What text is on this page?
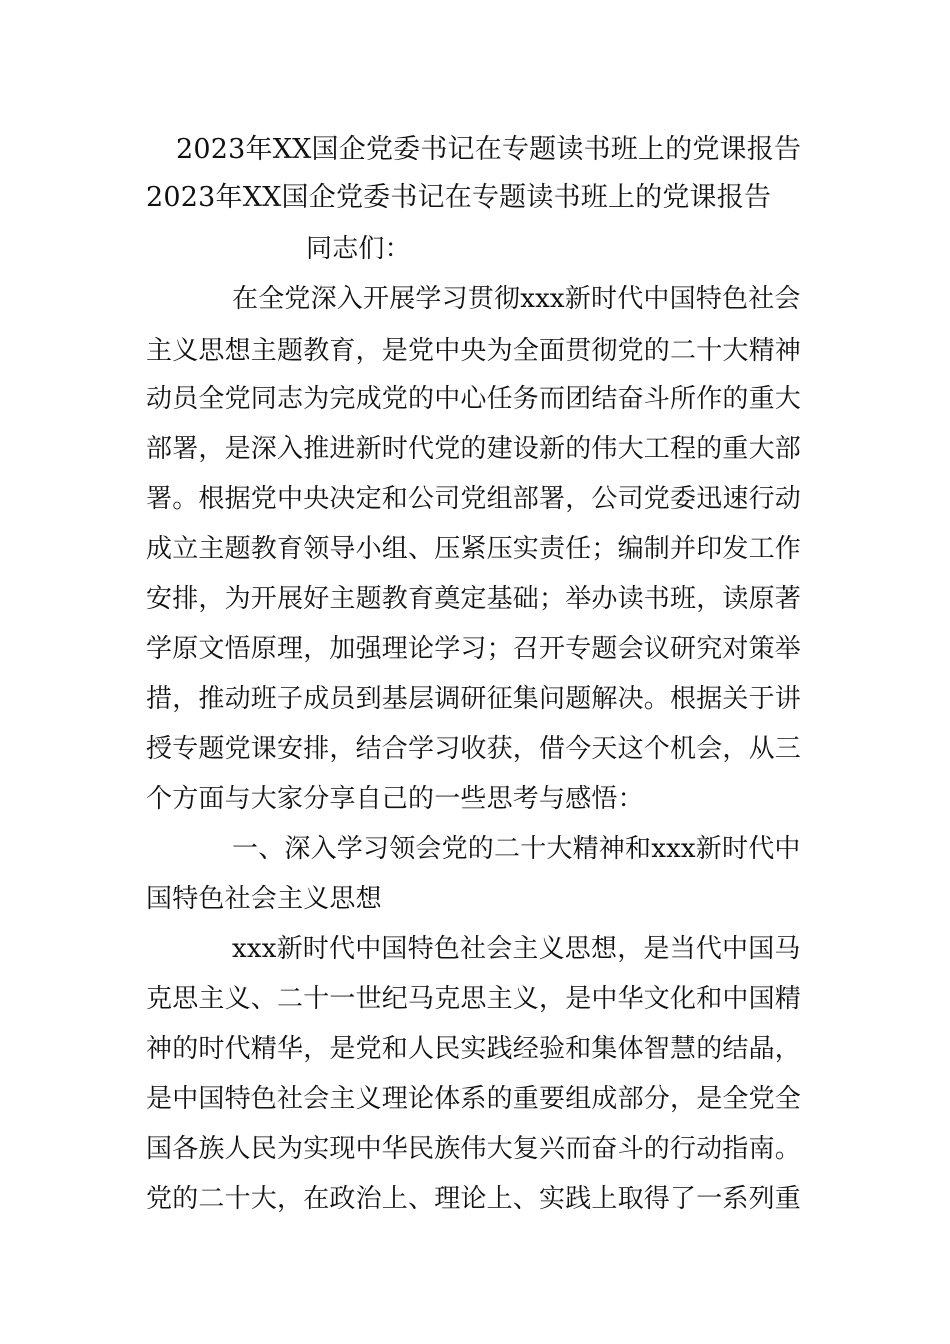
2023年XX国企党委书记在专题读书班上的党课报告
2023年XX国企党委书记在专题读书班上的党课报告
同志们：
在全党深入开展学习贯彻xxx新时代中国特色社会
主义思想主题教育，是党中央为全面贯彻党的二十大精神
动员全党同志为完成党的中心任务而团结奋斗所作的重大
部署，是深入推进新时代党的建设新的伟大工程的重大部
署。根据党中央决定和公司党组部署，公司党委迅速行动
成立主题教育领导小组、压紧压实责任；编制并印发工作
安排，为开展好主题教育奠定基础；举办读书班，读原著
学原文悟原理，加强理论学习；召开专题会议研究对策举
措，推动班子成员到基层调研征集问题解决。根据关于讲
授专题党课安排，结合学习收获，借今天这个机会，从三
个方面与大家分享自己的一些思考与感悟：
一、深入学习领会党的二十大精神和xxx新时代中
国特色社会主义思想
xxx新时代中国特色社会主义思想，是当代中国马
克思主义、二十一世纪马克思主义，是中华文化和中国精
神的时代精华，是党和人民实践经验和集体智慧的结晶，
是中国特色社会主义理论体系的重要组成部分，是全党全
国各族人民为实现中华民族伟大复兴而奋斗的行动指南。
党的二十大，在政治上、理论上、实践上取得了一系列重
